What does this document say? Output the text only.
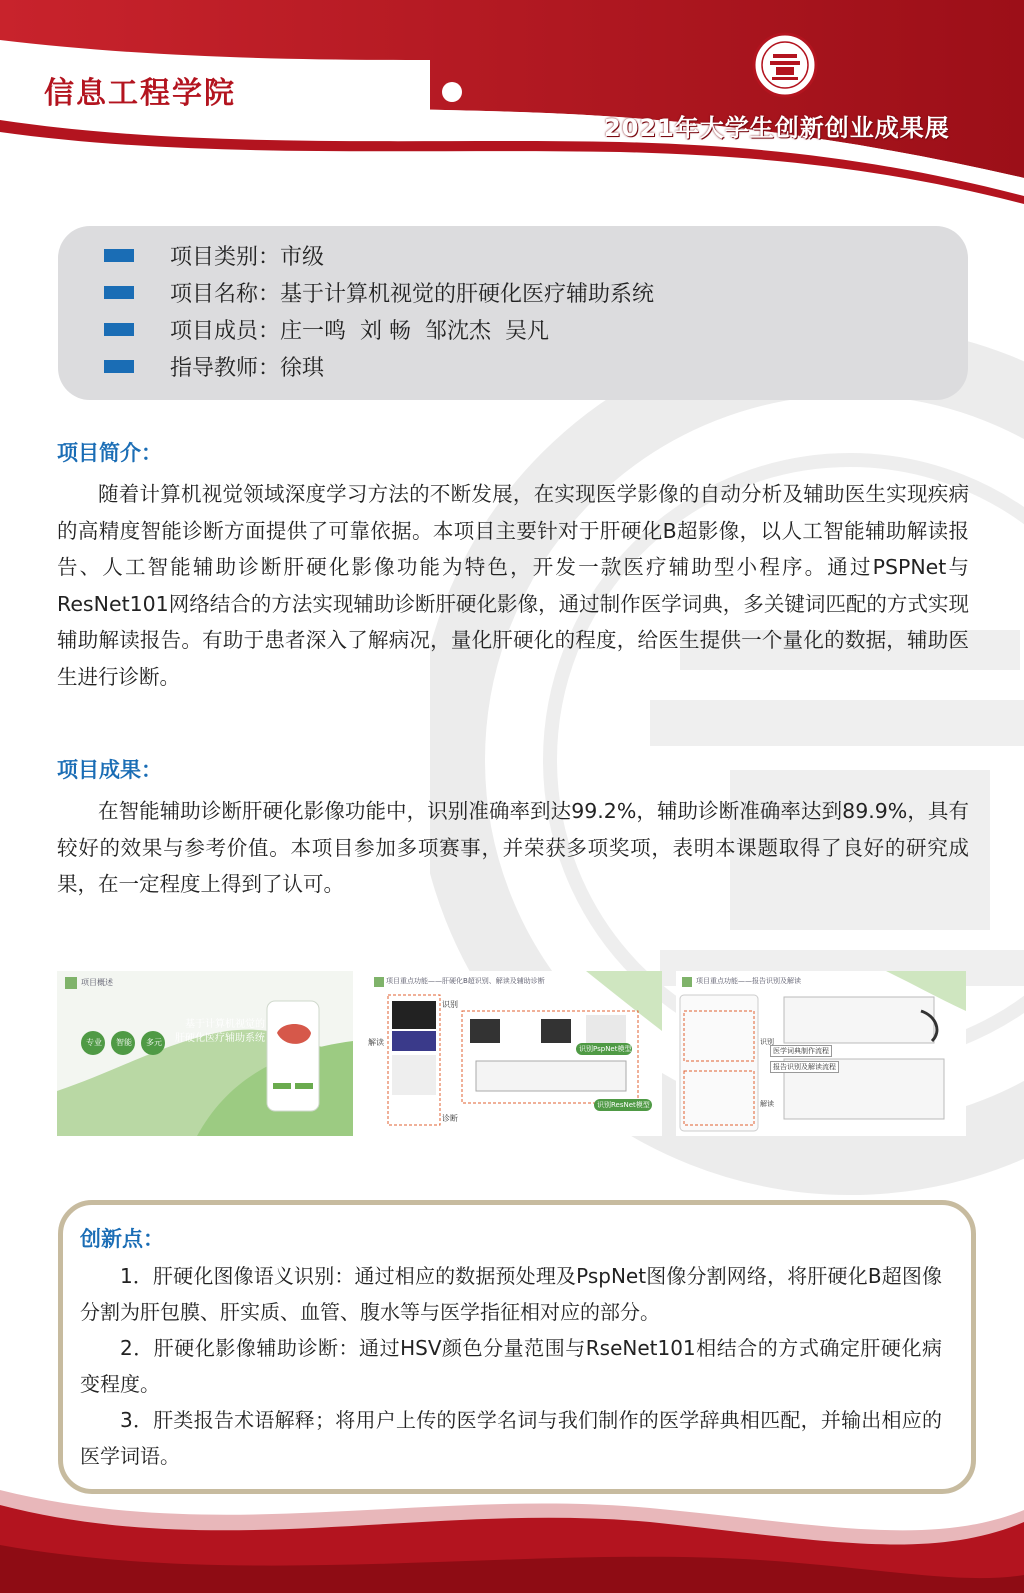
信息工程学院
2021年大学生创新创业成果展
项目类别：市级
项目名称：基于计算机视觉的肝硬化医疗辅助系统
项目成员：庄一鸣  刘 畅  邹沈杰  吴凡
指导教师：徐琪
项目简介：

随着计算机视觉领域深度学习方法的不断发展，在实现医学影像的自动分析及辅助医生实现疾病的高精度智能诊断方面提供了可靠依据。本项目主要针对于肝硬化B超影像，以人工智能辅助解读报告、人工智能辅助诊断肝硬化影像功能为特色，开发一款医疗辅助型小程序。通过PSPNet与ResNet101网络结合的方法实现辅助诊断肝硬化影像，通过制作医学词典，多关键词匹配的方式实现辅助解读报告。有助于患者深入了解病况，量化肝硬化的程度，给医生提供一个量化的数据，辅助医生进行诊断。

项目成果：

在智能辅助诊断肝硬化影像功能中，识别准确率到达99.2%，辅助诊断准确率达到89.9%，具有较好的效果与参考价值。本项目参加多项赛事，并荣获多项奖项，表明本课题取得了良好的研究成果，在一定程度上得到了认可。

项目概述
专业 智能 多元
基于计算机视觉的
肝硬化医疗辅助系统
项目重点功能——肝硬化B超识别、解读及辅助诊断
识别
解读
诊断
识别PspNet模型
识别ResNet模型
项目重点功能——报告识别及解读
医学词典制作流程
报告识别及解读流程
识别
解读
创新点：

1．肝硬化图像语义识别：通过相应的数据预处理及PspNet图像分割网络，将肝硬化B超图像分割为肝包膜、肝实质、血管、腹水等与医学指征相对应的部分。

2．肝硬化影像辅助诊断：通过HSV颜色分量范围与RseNet101相结合的方式确定肝硬化病变程度。

3．肝类报告术语解释；将用户上传的医学名词与我们制作的医学辞典相匹配，并输出相应的医学词语。
